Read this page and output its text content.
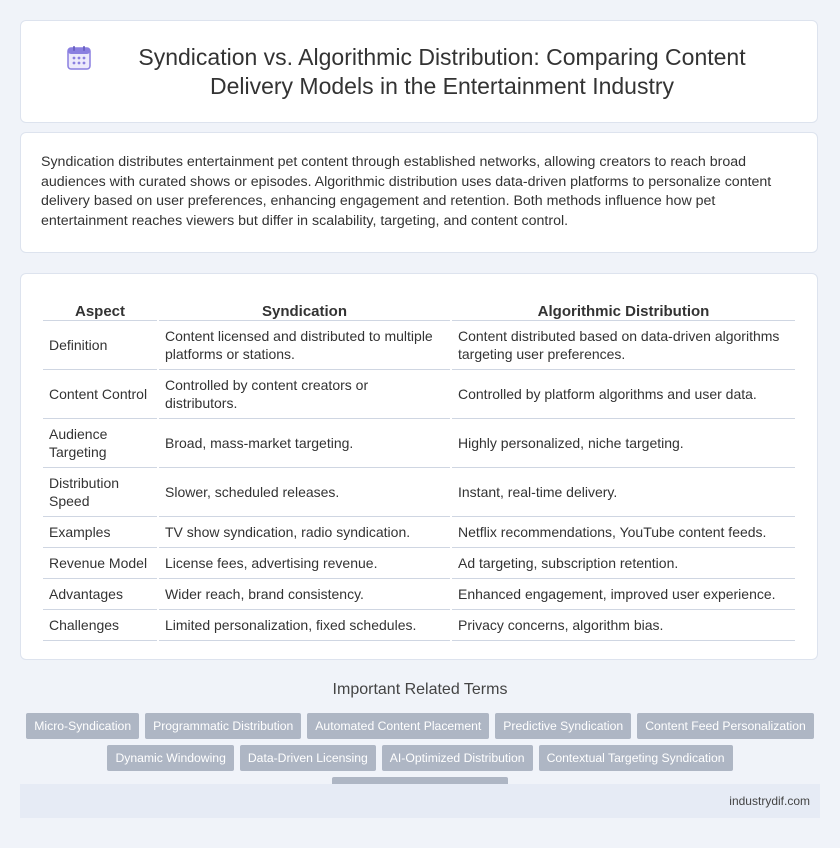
Syndication vs. Algorithmic Distribution: Comparing Content Delivery Models in the Entertainment Industry

Syndication distributes entertainment pet content through established networks, allowing creators to reach broad audiences with curated shows or episodes. Algorithmic distribution uses data-driven platforms to personalize content delivery based on user preferences, enhancing engagement and retention. Both methods influence how pet entertainment reaches viewers but differ in scalability, targeting, and content control.

Aspect	Syndication	Algorithmic Distribution
Definition	Content licensed and distributed to multiple platforms or stations.	Content distributed based on data-driven algorithms targeting user preferences.
Content Control	Controlled by content creators or distributors.	Controlled by platform algorithms and user data.
Audience Targeting	Broad, mass-market targeting.	Highly personalized, niche targeting.
Distribution Speed	Slower, scheduled releases.	Instant, real-time delivery.
Examples	TV show syndication, radio syndication.	Netflix recommendations, YouTube content feeds.
Revenue Model	License fees, advertising revenue.	Ad targeting, subscription retention.
Advantages	Wider reach, brand consistency.	Enhanced engagement, improved user experience.
Challenges	Limited personalization, fixed schedules.	Privacy concerns, algorithm bias.
Important Related Terms
Micro-Syndication	Programmatic Distribution	Automated Content Placement	Predictive Syndication	Content Feed Personalization
Dynamic Windowing	Data-Driven Licensing	AI-Optimized Distribution	Contextual Targeting Syndication
industrydif.com
